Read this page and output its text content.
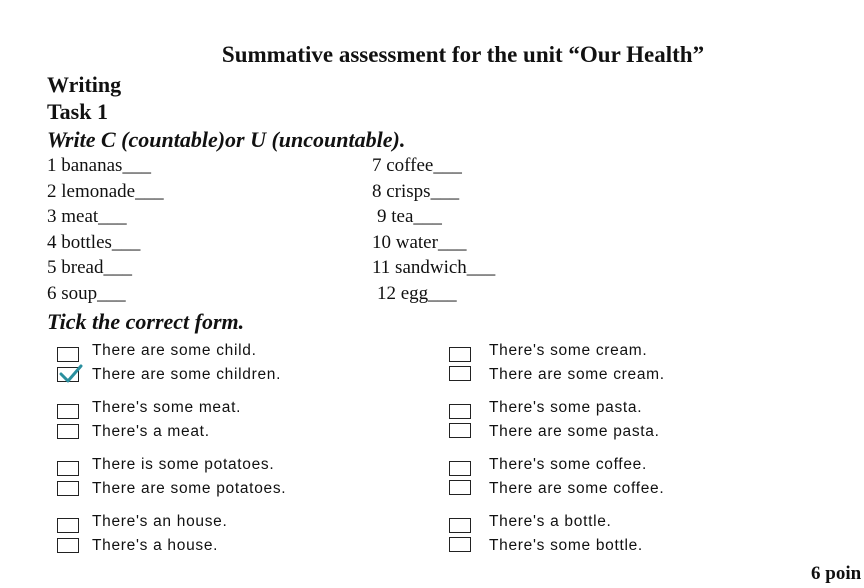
Summative assessment for the unit “Our Health”
Writing
Task 1
Write C (countable)or U (uncountable).
1 bananas___
2 lemonade___
3 meat___
4 bottles___
5 bread___
6 soup___
7 coffee___
8 crisps___
9 tea___
10 water___
11 sandwich___
12 egg___
Tick the correct form.
There are some child.
There are some children.
There's some meat.
There's a meat.
There is some potatoes.
There are some potatoes.
There's an house.
There's a house.
There's some cream.
There are some cream.
There's some pasta.
There are some pasta.
There's some coffee.
There are some coffee.
There's a bottle.
There's some bottle.
6 poin
